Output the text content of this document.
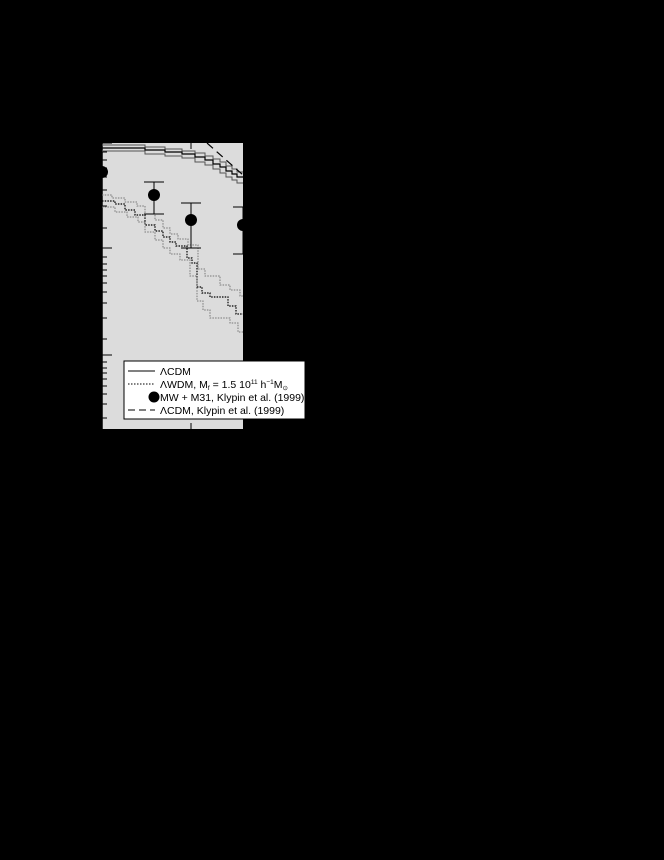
ΛCDM
ΛWDM, Mf = 1.5 $10^{11}$ $h^{-1}M⊙$
MW + M31, Klypin et al. (1999)
ΛCDM, Klypin et al. (1999)
